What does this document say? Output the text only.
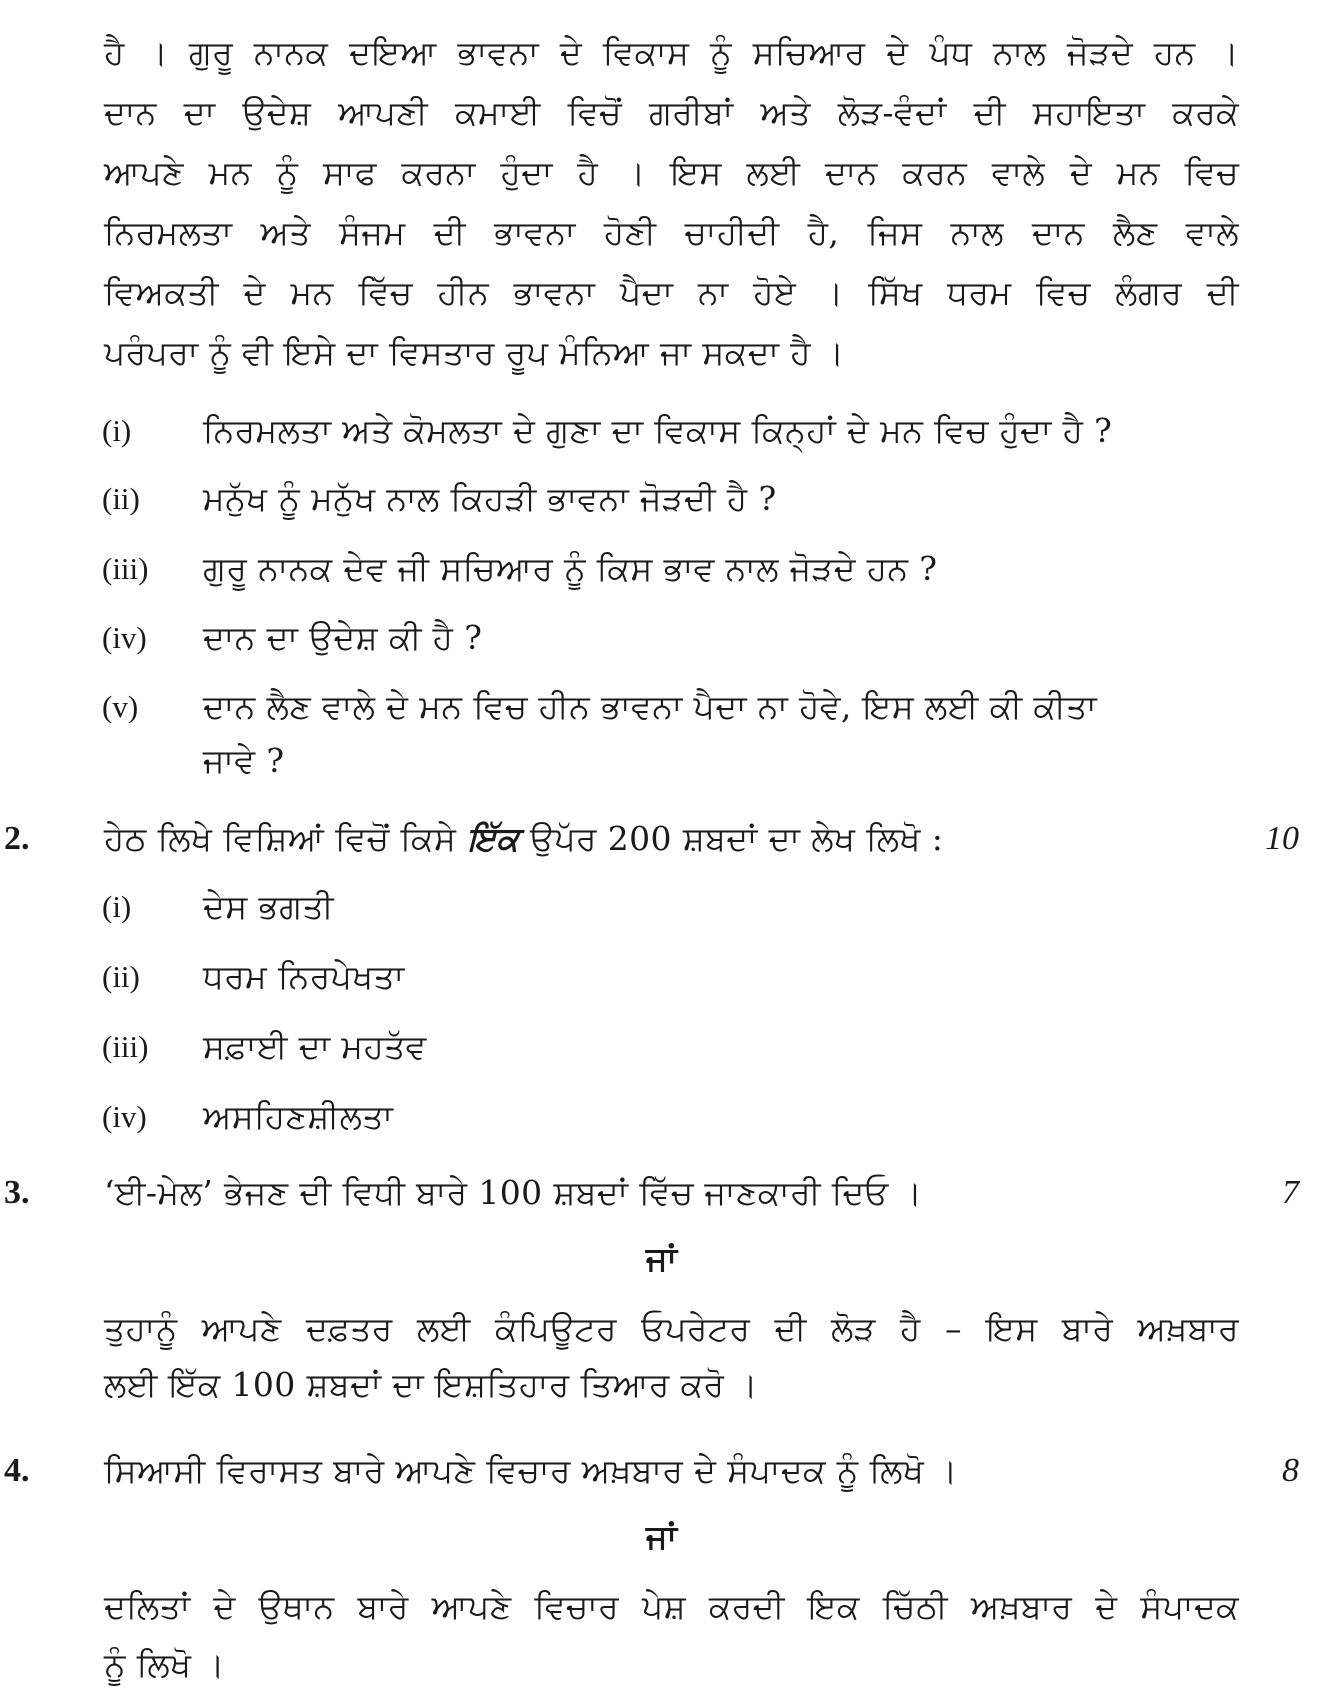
ਹੈ । ਗੁਰੂ ਨਾਨਕ ਦਇਆ ਭਾਵਨਾ ਦੇ ਵਿਕਾਸ ਨੂੰ ਸਚਿਆਰ ਦੇ ਪੰਧ ਨਾਲ ਜੋੜਦੇ ਹਨ ।
ਦਾਨ ਦਾ ਉਦੇਸ਼ ਆਪਣੀ ਕਮਾਈ ਵਿਚੋਂ ਗਰੀਬਾਂ ਅਤੇ ਲੋੜ-ਵੰਦਾਂ ਦੀ ਸਹਾਇਤਾ ਕਰਕੇ
ਆਪਣੇ ਮਨ ਨੂੰ ਸਾਫ ਕਰਨਾ ਹੁੰਦਾ ਹੈ । ਇਸ ਲਈ ਦਾਨ ਕਰਨ ਵਾਲੇ ਦੇ ਮਨ ਵਿਚ
ਨਿਰਮਲਤਾ ਅਤੇ ਸੰਜਮ ਦੀ ਭਾਵਨਾ ਹੋਣੀ ਚਾਹੀਦੀ ਹੈ, ਜਿਸ ਨਾਲ ਦਾਨ ਲੈਣ ਵਾਲੇ
ਵਿਅਕਤੀ ਦੇ ਮਨ ਵਿੱਚ ਹੀਨ ਭਾਵਨਾ ਪੈਦਾ ਨਾ ਹੋਏ । ਸਿੱਖ ਧਰਮ ਵਿਚ ਲੰਗਰ ਦੀ
ਪਰੰਪਰਾ ਨੂੰ ਵੀ ਇਸੇ ਦਾ ਵਿਸਤਾਰ ਰੂਪ ਮੰਨਿਆ ਜਾ ਸਕਦਾ ਹੈ ।
(i) ਨਿਰਮਲਤਾ ਅਤੇ ਕੋਮਲਤਾ ਦੇ ਗੁਣਾ ਦਾ ਵਿਕਾਸ ਕਿਨ੍ਹਾਂ ਦੇ ਮਨ ਵਿਚ ਹੁੰਦਾ ਹੈ ?
(ii) ਮਨੁੱਖ ਨੂੰ ਮਨੁੱਖ ਨਾਲ ਕਿਹੜੀ ਭਾਵਨਾ ਜੋੜਦੀ ਹੈ ?
(iii) ਗੁਰੂ ਨਾਨਕ ਦੇਵ ਜੀ ਸਚਿਆਰ ਨੂੰ ਕਿਸ ਭਾਵ ਨਾਲ ਜੋੜਦੇ ਹਨ ?
(iv) ਦਾਨ ਦਾ ਉਦੇਸ਼ ਕੀ ਹੈ ?
(v) ਦਾਨ ਲੈਣ ਵਾਲੇ ਦੇ ਮਨ ਵਿਚ ਹੀਨ ਭਾਵਨਾ ਪੈਦਾ ਨਾ ਹੋਵੇ, ਇਸ ਲਈ ਕੀ ਕੀਤਾ
ਜਾਵੇ ?
2. ਹੇਠ ਲਿਖੇ ਵਿਸ਼ਿਆਂ ਵਿਚੋਂ ਕਿਸੇ ਇੱਕ ਉਪੱਰ 200 ਸ਼ਬਦਾਂ ਦਾ ਲੇਖ ਲਿਖੋ :	10
(i) ਦੇਸ ਭਗਤੀ
(ii) ਧਰਮ ਨਿਰਪੇਖਤਾ
(iii) ਸਫ਼ਾਈ ਦਾ ਮਹਤੱਵ
(iv) ਅਸਹਿਣਸ਼ੀਲਤਾ
3. ‘ਈ-ਮੇਲ’ ਭੇਜਣ ਦੀ ਵਿਧੀ ਬਾਰੇ 100 ਸ਼ਬਦਾਂ ਵਿੱਚ ਜਾਣਕਾਰੀ ਦਿਓ ।	7
ਜਾਂ
ਤੁਹਾਨੂੰ ਆਪਣੇ ਦਫ਼ਤਰ ਲਈ ਕੰਪਿਊਟਰ ਓਪਰੇਟਰ ਦੀ ਲੋੜ ਹੈ – ਇਸ ਬਾਰੇ ਅਖ਼ਬਾਰ
ਲਈ ਇੱਕ 100 ਸ਼ਬਦਾਂ ਦਾ ਇਸ਼ਤਿਹਾਰ ਤਿਆਰ ਕਰੋ ।
4. ਸਿਆਸੀ ਵਿਰਾਸਤ ਬਾਰੇ ਆਪਣੇ ਵਿਚਾਰ ਅਖ਼ਬਾਰ ਦੇ ਸੰਪਾਦਕ ਨੂੰ ਲਿਖੋ ।	8
ਜਾਂ
ਦਲਿਤਾਂ ਦੇ ਉਥਾਨ ਬਾਰੇ ਆਪਣੇ ਵਿਚਾਰ ਪੇਸ਼ ਕਰਦੀ ਇਕ ਚਿੱਠੀ ਅਖ਼ਬਾਰ ਦੇ ਸੰਪਾਦਕ
ਨੂੰ ਲਿਖੋ ।
